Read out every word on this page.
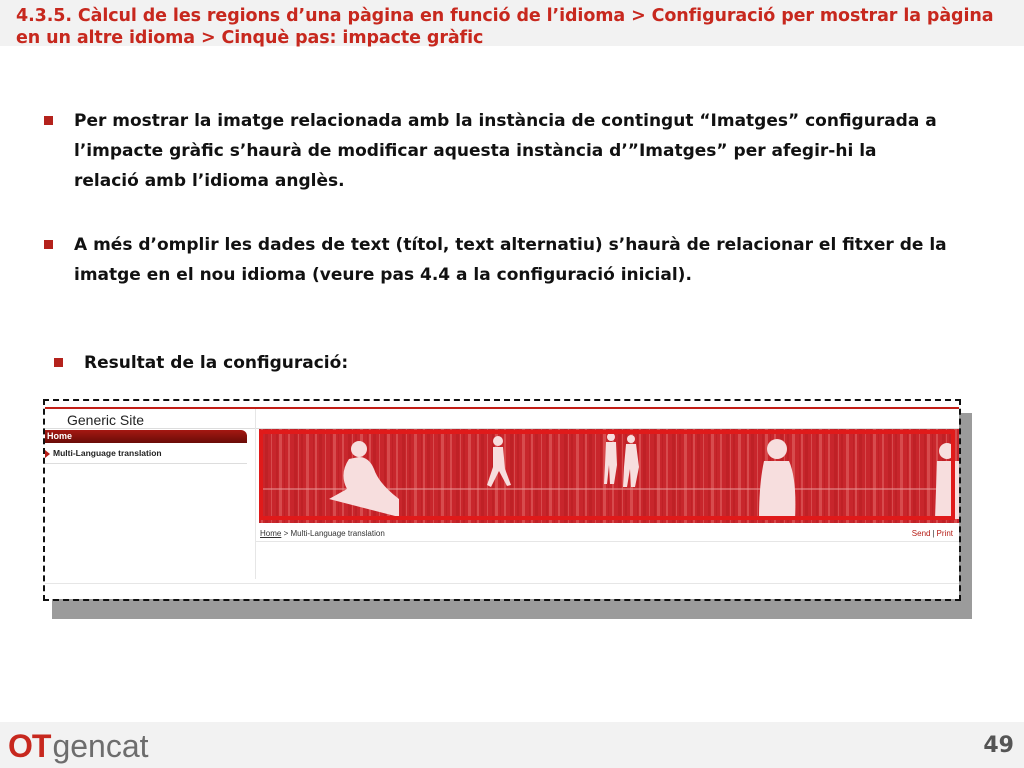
4.3.5. Càlcul de les regions d’una pàgina en funció de l’idioma > Configuració per mostrar la pàgina en un altre idioma > Cinquè pas: impacte gràfic
Per mostrar la imatge relacionada amb la instància de contingut “Imatges” configurada a l’impacte gràfic s’haurà de modificar aquesta instància d’”Imatges” per afegir-hi la relació amb l’idioma anglès.
A més d’omplir les dades de text (títol, text alternatiu) s’haurà de relacionar el fitxer de la imatge en el nou idioma (veure pas 4.4 a la configuració inicial).
Resultat de la configuració:
Generic Site
Home
Multi-Language translation
Home > Multi-Language translation	Send | Print
OTgencat	49
